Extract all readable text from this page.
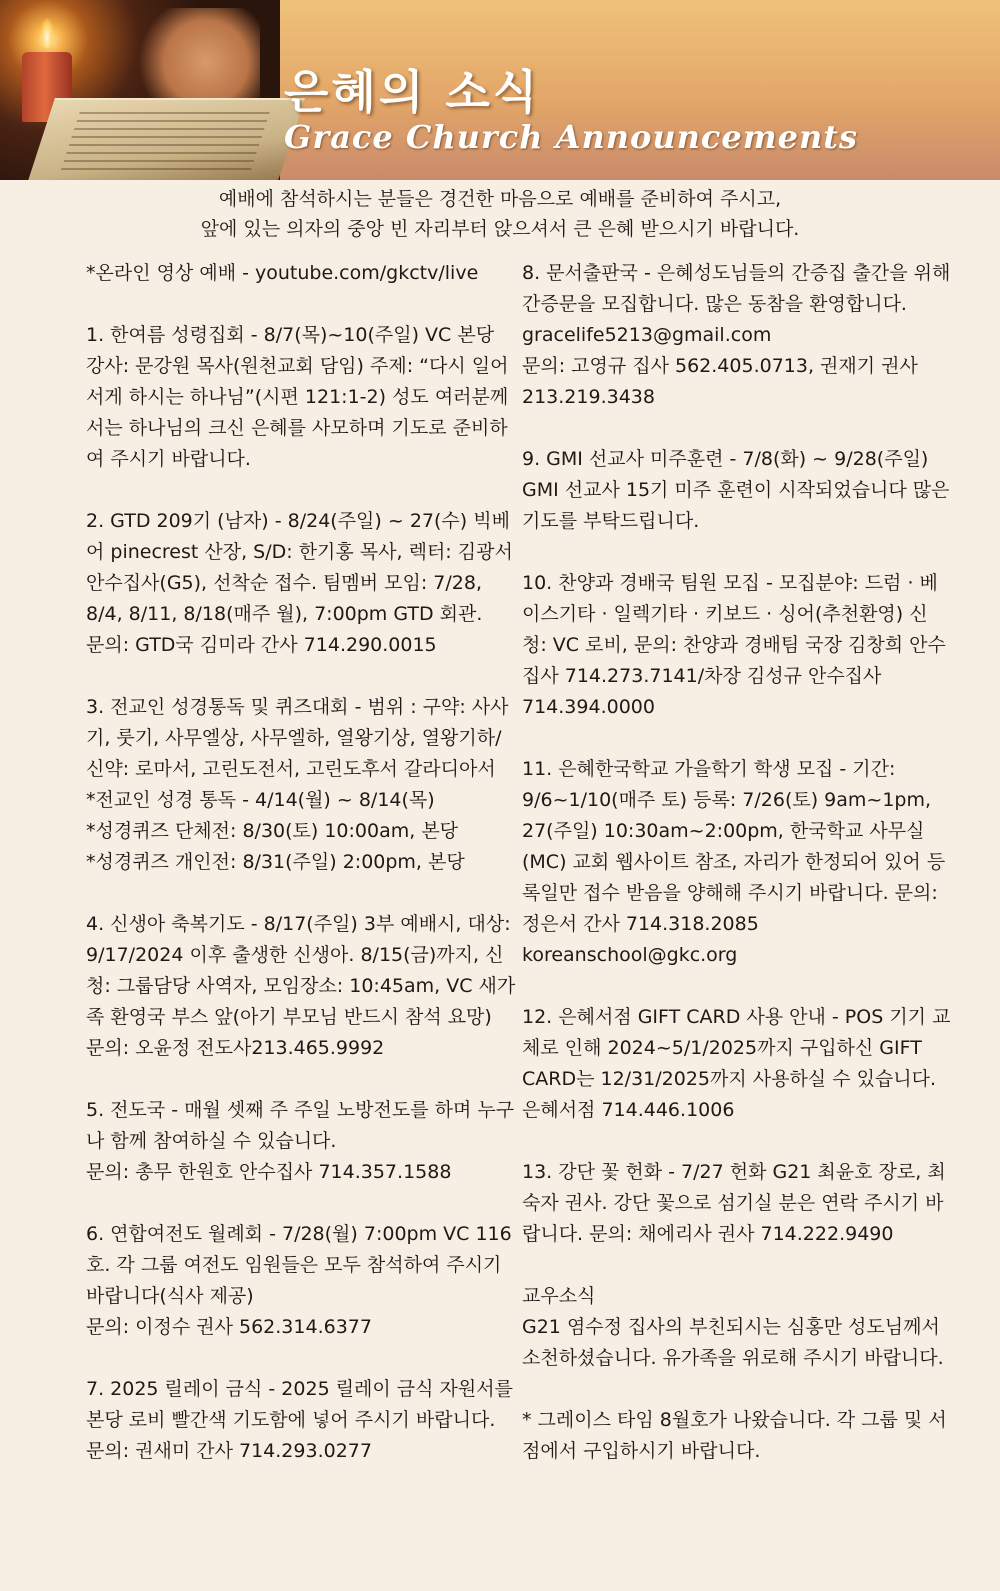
은혜의 소식
Grace Church Announcements
예배에 참석하시는 분들은 경건한 마음으로 예배를 준비하여 주시고,
앞에 있는 의자의 중앙 빈 자리부터 앉으셔서 큰 은혜 받으시기 바랍니다.
*온라인 영상 예배 - youtube.com/gkctv/live
1. 한여름 성령집회 - 8/7(목)~10(주일) VC 본당 강사: 문강원 목사(원천교회 담임) 주제: “다시 일어서게 하시는 하나님”(시편 121:1-2) 성도 여러분께서는 하나님의 크신 은혜를 사모하며 기도로 준비하여 주시기 바랍니다.
2. GTD 209기 (남자) - 8/24(주일) ~ 27(수) 빅베어 pinecrest 산장, S/D: 한기홍 목사, 렉터: 김광서 안수집사(G5), 선착순 접수. 팀멤버 모임: 7/28, 8/4, 8/11, 8/18(매주 월), 7:00pm GTD 회관.
문의: GTD국 김미라 간사 714.290.0015
3. 전교인 성경통독 및 퀴즈대회 - 범위 : 구약: 사사기, 룻기, 사무엘상, 사무엘하, 열왕기상, 열왕기하/신약: 로마서, 고린도전서, 고린도후서 갈라디아서
*전교인 성경 통독 - 4/14(월) ~ 8/14(목)
*성경퀴즈 단체전: 8/30(토) 10:00am, 본당
*성경퀴즈 개인전: 8/31(주일) 2:00pm, 본당
4. 신생아 축복기도 - 8/17(주일) 3부 예배시, 대상: 9/17/2024 이후 출생한 신생아. 8/15(금)까지, 신청: 그룹담당 사역자, 모임장소: 10:45am, VC 새가족 환영국 부스 앞(아기 부모님 반드시 참석 요망)
문의: 오윤정 전도사213.465.9992
5. 전도국 - 매월 셋째 주 주일 노방전도를 하며 누구나 함께 참여하실 수 있습니다.
문의: 총무 한원호 안수집사 714.357.1588
6. 연합여전도 월례회 - 7/28(월) 7:00pm VC 116호. 각 그룹 여전도 임원들은 모두 참석하여 주시기 바랍니다(식사 제공)
문의: 이정수 권사 562.314.6377
7. 2025 릴레이 금식 - 2025 릴레이 금식 자원서를 본당 로비 빨간색 기도함에 넣어 주시기 바랍니다. 문의: 권새미 간사 714.293.0277
8. 문서출판국 - 은혜성도님들의 간증집 출간을 위해 간증문을 모집합니다. 많은 동참을 환영합니다. gracelife5213@gmail.com
문의: 고영규 집사 562.405.0713, 권재기 권사 213.219.3438
9. GMI 선교사 미주훈련 - 7/8(화) ~ 9/28(주일) GMI 선교사 15기 미주 훈련이 시작되었습니다 많은 기도를 부탁드립니다.
10. 찬양과 경배국 팀원 모집 - 모집분야: 드럼 · 베이스기타 · 일렉기타 · 키보드 · 싱어(추천환영) 신청: VC 로비, 문의: 찬양과 경배팀 국장 김창희 안수집사 714.273.7141/차장 김성규 안수집사 714.394.0000
11. 은혜한국학교 가을학기 학생 모집 - 기간: 9/6~1/10(매주 토) 등록: 7/26(토) 9am~1pm, 27(주일) 10:30am~2:00pm, 한국학교 사무실(MC) 교회 웹사이트 참조, 자리가 한정되어 있어 등록일만 접수 받음을 양해해 주시기 바랍니다. 문의: 정은서 간사 714.318.2085 koreanschool@gkc.org
12. 은혜서점 GIFT CARD 사용 안내 - POS 기기 교체로 인해 2024~5/1/2025까지 구입하신 GIFT CARD는 12/31/2025까지 사용하실 수 있습니다. 은혜서점 714.446.1006
13. 강단 꽃 헌화 - 7/27 헌화 G21 최윤호 장로, 최숙자 권사. 강단 꽃으로 섬기실 분은 연락 주시기 바랍니다. 문의: 채에리사 권사 714.222.9490
교우소식
G21 염수정 집사의 부친되시는 심홍만 성도님께서 소천하셨습니다. 유가족을 위로해 주시기 바랍니다.
* 그레이스 타임 8월호가 나왔습니다. 각 그룹 및 서점에서 구입하시기 바랍니다.
